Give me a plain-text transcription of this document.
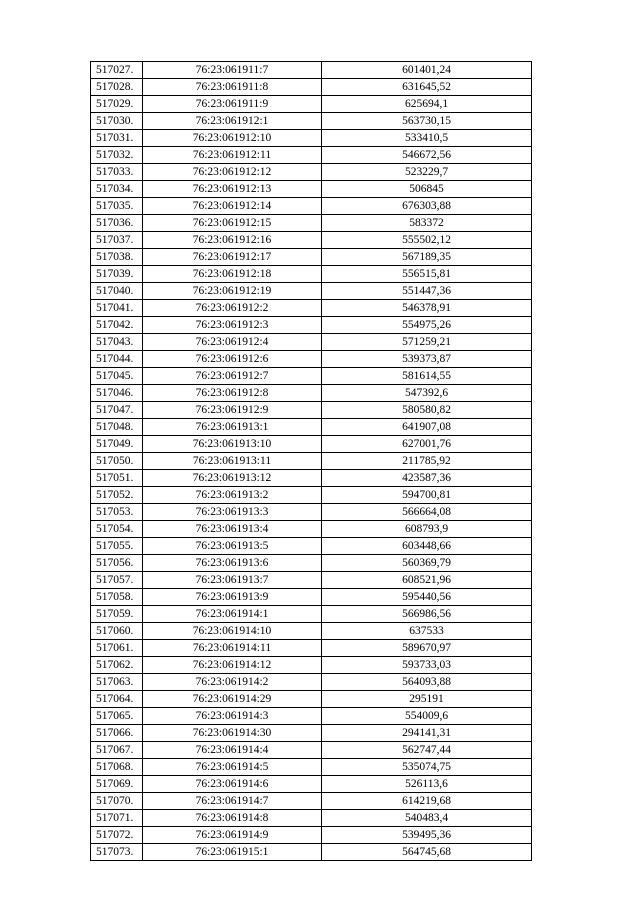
517027.	76:23:061911:7	601401,24
517028.	76:23:061911:8	631645,52
517029.	76:23:061911:9	625694,1
517030.	76:23:061912:1	563730,15
517031.	76:23:061912:10	533410,5
517032.	76:23:061912:11	546672,56
517033.	76:23:061912:12	523229,7
517034.	76:23:061912:13	506845
517035.	76:23:061912:14	676303,88
517036.	76:23:061912:15	583372
517037.	76:23:061912:16	555502,12
517038.	76:23:061912:17	567189,35
517039.	76:23:061912:18	556515,81
517040.	76:23:061912:19	551447,36
517041.	76:23:061912:2	546378,91
517042.	76:23:061912:3	554975,26
517043.	76:23:061912:4	571259,21
517044.	76:23:061912:6	539373,87
517045.	76:23:061912:7	581614,55
517046.	76:23:061912:8	547392,6
517047.	76:23:061912:9	580580,82
517048.	76:23:061913:1	641907,08
517049.	76:23:061913:10	627001,76
517050.	76:23:061913:11	211785,92
517051.	76:23:061913:12	423587,36
517052.	76:23:061913:2	594700,81
517053.	76:23:061913:3	566664,08
517054.	76:23:061913:4	608793,9
517055.	76:23:061913:5	603448,66
517056.	76:23:061913:6	560369,79
517057.	76:23:061913:7	608521,96
517058.	76:23:061913:9	595440,56
517059.	76:23:061914:1	566986,56
517060.	76:23:061914:10	637533
517061.	76:23:061914:11	589670,97
517062.	76:23:061914:12	593733,03
517063.	76:23:061914:2	564093,88
517064.	76:23:061914:29	295191
517065.	76:23:061914:3	554009,6
517066.	76:23:061914:30	294141,31
517067.	76:23:061914:4	562747,44
517068.	76:23:061914:5	535074,75
517069.	76:23:061914:6	526113,6
517070.	76:23:061914:7	614219,68
517071.	76:23:061914:8	540483,4
517072.	76:23:061914:9	539495,36
517073.	76:23:061915:1	564745,68
